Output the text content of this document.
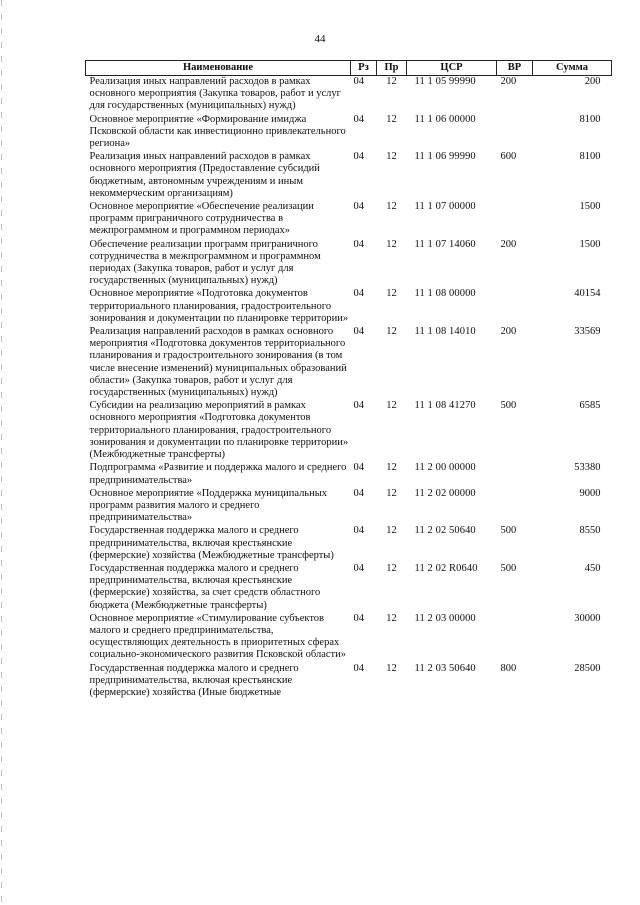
44
Наименование	Рз	Пр	ЦСР	ВР	Сумма
Реализация иных направлений расходов в рамках основного мероприятия (Закупка товаров, работ и услуг для государственных (муниципальных) нужд)	04	12	11 1 05 99990	200	200
Основное мероприятие «Формирование имиджа Псковской области как инвестиционно привлекательного региона»	04	12	11 1 06 00000		8100
Реализация иных направлений расходов в рамках основного мероприятия (Предоставление субсидий бюджетным, автономным учреждениям и иным некоммерческим организациям)	04	12	11 1 06 99990	600	8100
Основное мероприятие «Обеспечение реализации программ приграничного сотрудничества в межпрограммном и программном периодах»	04	12	11 1 07 00000		1500
Обеспечение реализации программ приграничного сотрудничества в межпрограммном и программном периодах (Закупка товаров, работ и услуг для государственных (муниципальных) нужд)	04	12	11 1 07 14060	200	1500
Основное мероприятие «Подготовка документов территориального планирования, градостроительного зонирования и документации по планировке территории»	04	12	11 1 08 00000		40154
Реализация направлений расходов в рамках основного мероприятия «Подготовка документов территориального планирования и градостроительного зонирования (в том числе внесение изменений) муниципальных образований области» (Закупка товаров, работ и услуг для государственных (муниципальных) нужд)	04	12	11 1 08 14010	200	33569
Субсидии на реализацию мероприятий в рамках основного мероприятия «Подготовка документов территориального планирования, градостроительного зонирования и документации по планировке территории» (Межбюджетные трансферты)	04	12	11 1 08 41270	500	6585
Подпрограмма «Развитие и поддержка малого и среднего предпринимательства»	04	12	11 2 00 00000		53380
Основное мероприятие «Поддержка муниципальных программ развития малого и среднего предпринимательства»	04	12	11 2 02 00000		9000
Государственная поддержка малого и среднего предпринимательства, включая крестьянские (фермерские) хозяйства (Межбюджетные трансферты)	04	12	11 2 02 50640	500	8550
Государственная поддержка малого и среднего предпринимательства, включая крестьянские (фермерские) хозяйства, за счет средств областного бюджета (Межбюджетные трансферты)	04	12	11 2 02 R0640	500	450
Основное мероприятие «Стимулирование субъектов малого и среднего предпринимательства, осуществляющих деятельность в приоритетных сферах социально-экономического развития Псковской области»	04	12	11 2 03 00000		30000
Государственная поддержка малого и среднего предпринимательства, включая крестьянские (фермерские) хозяйства (Иные бюджетные	04	12	11 2 03 50640	800	28500
